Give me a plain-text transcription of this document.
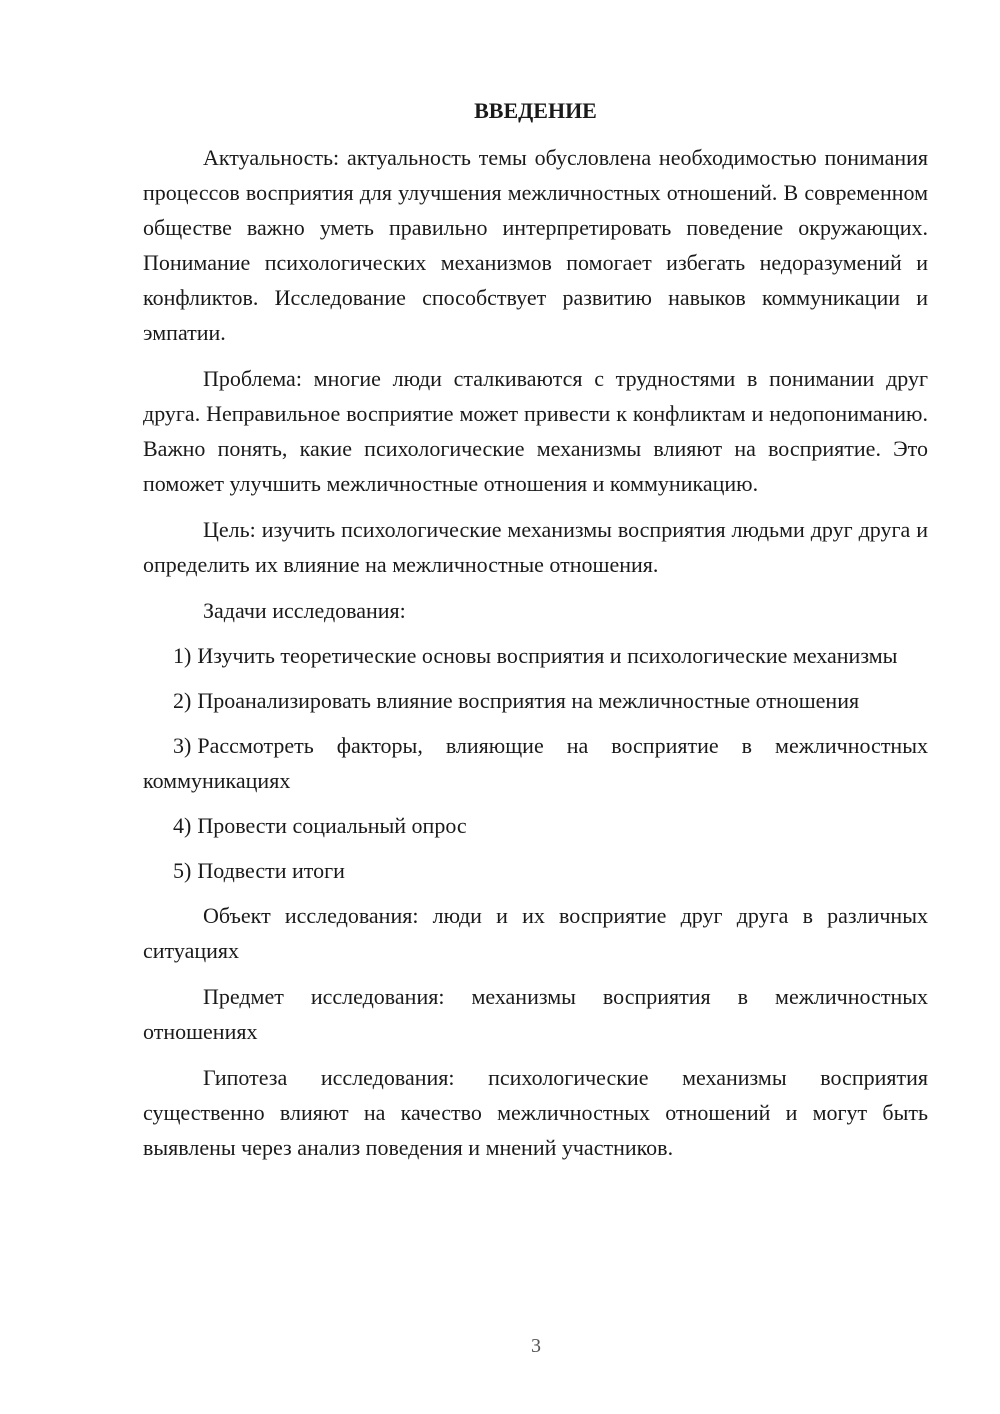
ВВЕДЕНИЕ

Актуальность: актуальность темы обусловлена необходимостью понимания процессов восприятия для улучшения межличностных отношений. В современном обществе важно уметь правильно интерпретировать поведение окружающих. Понимание психологических механизмов помогает избегать недоразумений и конфликтов. Исследование способствует развитию навыков коммуникации и эмпатии.

Проблема: многие люди сталкиваются с трудностями в понимании друг друга. Неправильное восприятие может привести к конфликтам и недопониманию. Важно понять, какие психологические механизмы влияют на восприятие. Это поможет улучшить межличностные отношения и коммуникацию.

Цель: изучить психологические механизмы восприятия людьми друг друга и определить их влияние на межличностные отношения.

Задачи исследования:

1) Изучить теоретические основы восприятия и психологические механизмы

2) Проанализировать влияние восприятия на межличностные отношения

3) Рассмотреть факторы, влияющие на восприятие в межличностных коммуникациях

4) Провести социальный опрос

5) Подвести итоги

Объект исследования: люди и их восприятие друг друга в различных ситуациях

Предмет исследования: механизмы восприятия в межличностных отношениях

Гипотеза исследования: психологические механизмы восприятия существенно влияют на качество межличностных отношений и могут быть выявлены через анализ поведения и мнений участников.

3
